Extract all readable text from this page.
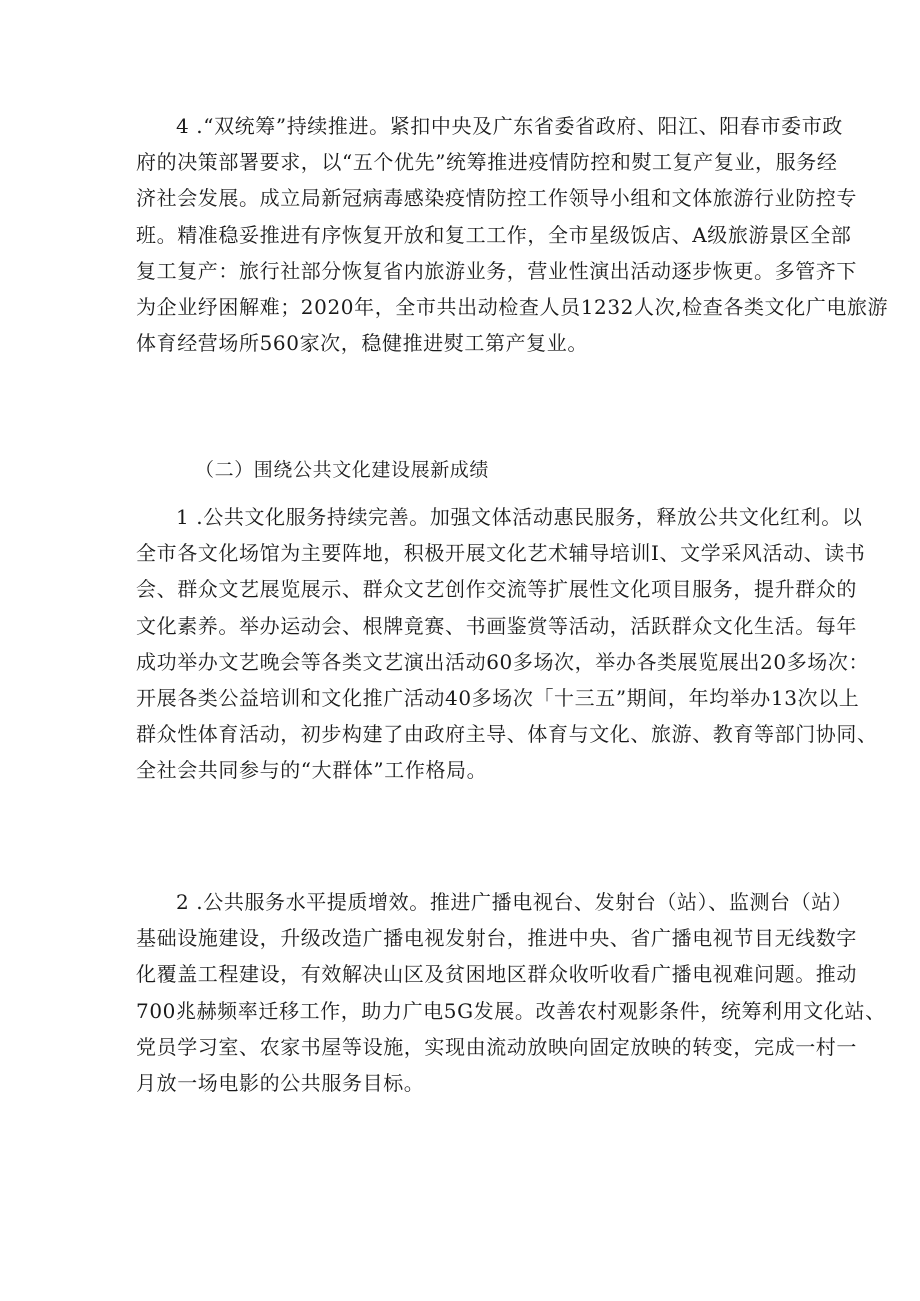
4 .“双统筹”持续推进。紧扣中央及广东省委省政府、阳江、阳春市委市政
府的决策部署要求，以“五个优先”统筹推进疫情防控和熨工复产复业，服务经
济社会发展。成立局新冠病毒感染疫情防控工作领导小组和文体旅游行业防控专
班。精准稳妥推进有序恢复开放和复工工作，全市星级饭店、A级旅游景区全部
复工复产：旅行社部分恢复省内旅游业务，营业性演出活动逐步恢更。多管齐下
为企业纾困解难；2020年，全市共出动检查人员1232人次,检查各类文化广电旅游
体育经营场所560家次，稳健推进熨工第产复业。

（二）围绕公共文化建设展新成绩

1 .公共文化服务持续完善。加强文体活动惠民服务，释放公共文化红利。以
全市各文化场馆为主要阵地，积极开展文化艺术辅导培训I、文学采风活动、读书
会、群众文艺展览展示、群众文艺创作交流等扩展性文化项目服务，提升群众的
文化素养。举办运动会、根牌竟赛、书画鉴赏等活动，活跃群众文化生活。每年
成功举办文艺晚会等各类文艺演出活动60多场次，举办各类展览展出20多场次：
开展各类公益培训和文化推广活动40多场次「十三五”期间，年均举办13次以上
群众性体育活动，初步构建了由政府主导、体育与文化、旅游、教育等部门协同、
全社会共同参与的“大群体”工作格局。

2 .公共服务水平提质增效。推进广播电视台、发射台（站）、监测台（站）
基础设施建设，升级改造广播电视发射台，推进中央、省广播电视节目无线数字
化覆盖工程建设，有效解决山区及贫困地区群众收听收看广播电视难问题。推动
700兆赫频率迁移工作，助力广电5G发展。改善农村观影条件，统筹利用文化站、
党员学习室、农家书屋等设施，实现由流动放映向固定放映的转变，完成一村一
月放一场电影的公共服务目标。
